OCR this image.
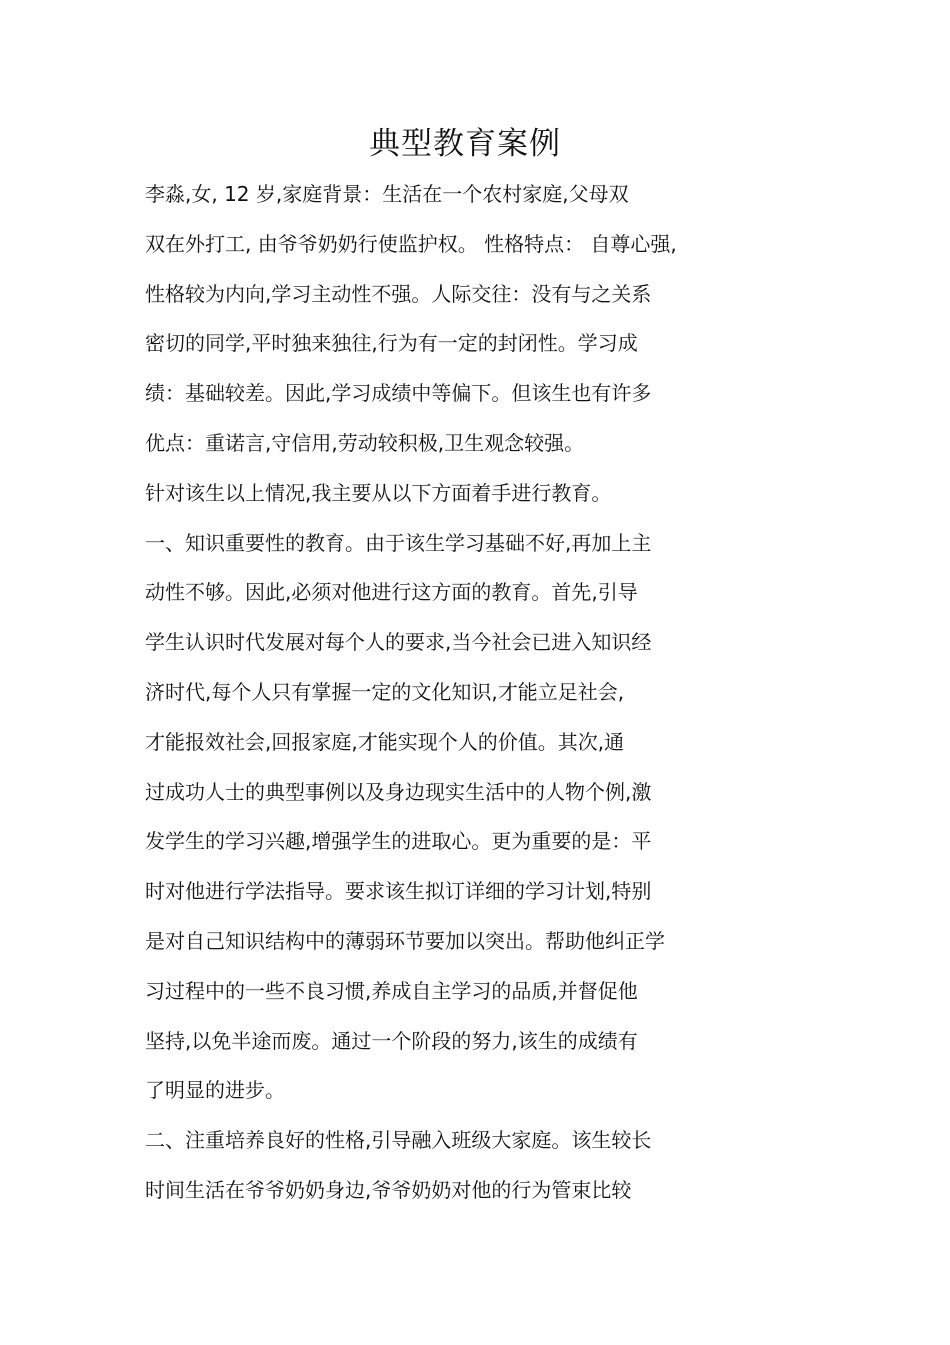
典型教育案例
李淼,女, 12 岁,家庭背景：生活在一个农村家庭,父母双
双在外打工, 由爷爷奶奶行使监护权。 性格特点： 自尊心强,
性格较为内向,学习主动性不强。人际交往：没有与之关系
密切的同学,平时独来独往,行为有一定的封闭性。学习成
绩：基础较差。因此,学习成绩中等偏下。但该生也有许多
优点：重诺言,守信用,劳动较积极,卫生观念较强。
针对该生以上情况,我主要从以下方面着手进行教育。
一、知识重要性的教育。由于该生学习基础不好,再加上主
动性不够。因此,必须对他进行这方面的教育。首先,引导
学生认识时代发展对每个人的要求,当今社会已进入知识经
济时代,每个人只有掌握一定的文化知识,才能立足社会,
才能报效社会,回报家庭,才能实现个人的价值。其次,通
过成功人士的典型事例以及身边现实生活中的人物个例,激
发学生的学习兴趣,增强学生的进取心。更为重要的是：平
时对他进行学法指导。要求该生拟订详细的学习计划,特别
是对自己知识结构中的薄弱环节要加以突出。帮助他纠正学
习过程中的一些不良习惯,养成自主学习的品质,并督促他
坚持,以免半途而废。通过一个阶段的努力,该生的成绩有
了明显的进步。
二、注重培养良好的性格,引导融入班级大家庭。该生较长
时间生活在爷爷奶奶身边,爷爷奶奶对他的行为管束比较
